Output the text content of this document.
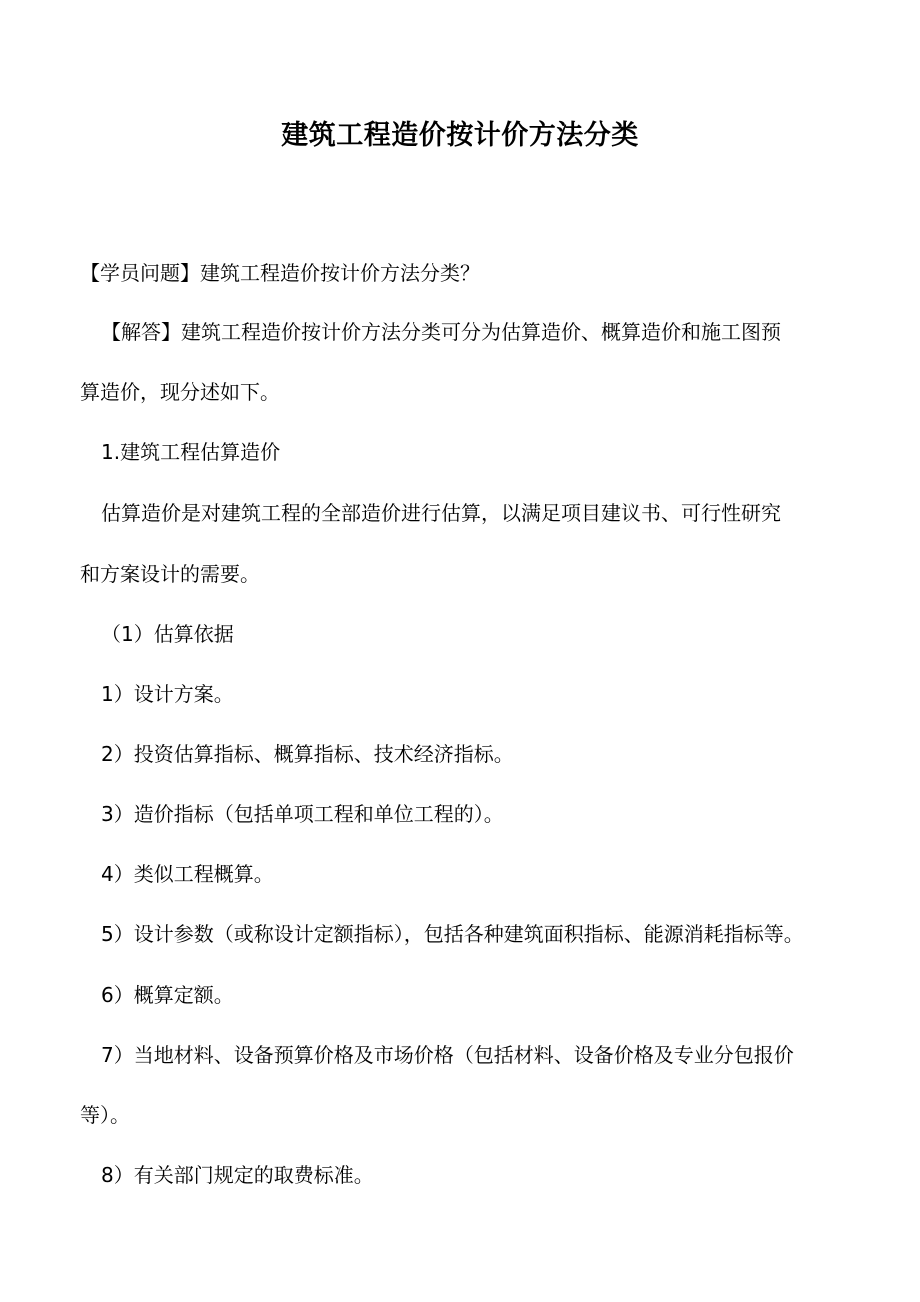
建筑工程造价按计价方法分类
【学员问题】建筑工程造价按计价方法分类？
【解答】建筑工程造价按计价方法分类可分为估算造价、概算造价和施工图预
算造价，现分述如下。
1.建筑工程估算造价
估算造价是对建筑工程的全部造价进行估算，以满足项目建议书、可行性研究
和方案设计的需要。
（1）估算依据
1）设计方案。
2）投资估算指标、概算指标、技术经济指标。
3）造价指标（包括单项工程和单位工程的）。
4）类似工程概算。
5）设计参数（或称设计定额指标），包括各种建筑面积指标、能源消耗指标等。
6）概算定额。
7）当地材料、设备预算价格及市场价格（包括材料、设备价格及专业分包报价
等）。
8）有关部门规定的取费标准。
